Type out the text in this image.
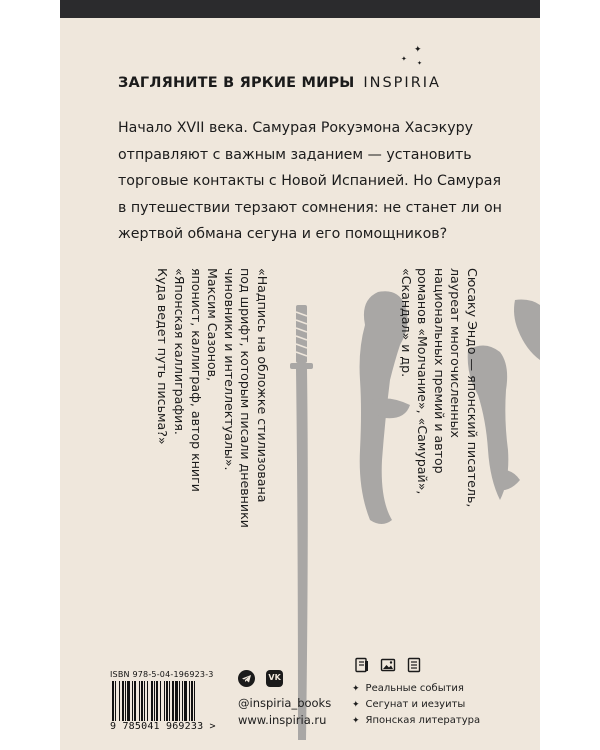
✦
✦
✦
ЗАГЛЯНИТЕ В ЯРКИЕ МИРЫ INSPIRIA
Начало XVII века. Самурая Рокуэмона Хасэкуру
отправляют с важным заданием — установить
торговые контакты с Новой Испанией. Но Самурая
в путешествии терзают сомнения: не станет ли он
жертвой обмана сегуна и его помощников?
«Надпись на обложке стилизована
под шрифт, которым писали дневники
чиновники и интеллектуалы».
Максим Сазонов,
японист, каллиграф, автор книги
«Японская каллиграфия.
Куда ведет путь письма?»	Сюсаку Эндо — японский писатель,
лауреат многочисленных
национальных премий и автор
романов «Молчание», «Самурай»,
«Скандал» и др.
ISBN 978-5-04-196923-3
9 785041 969233 >

VK
@inspiria_books
www.inspiria.ru
✦ Реальные события
✦ Сегунат и иезуиты
✦ Японская литература
